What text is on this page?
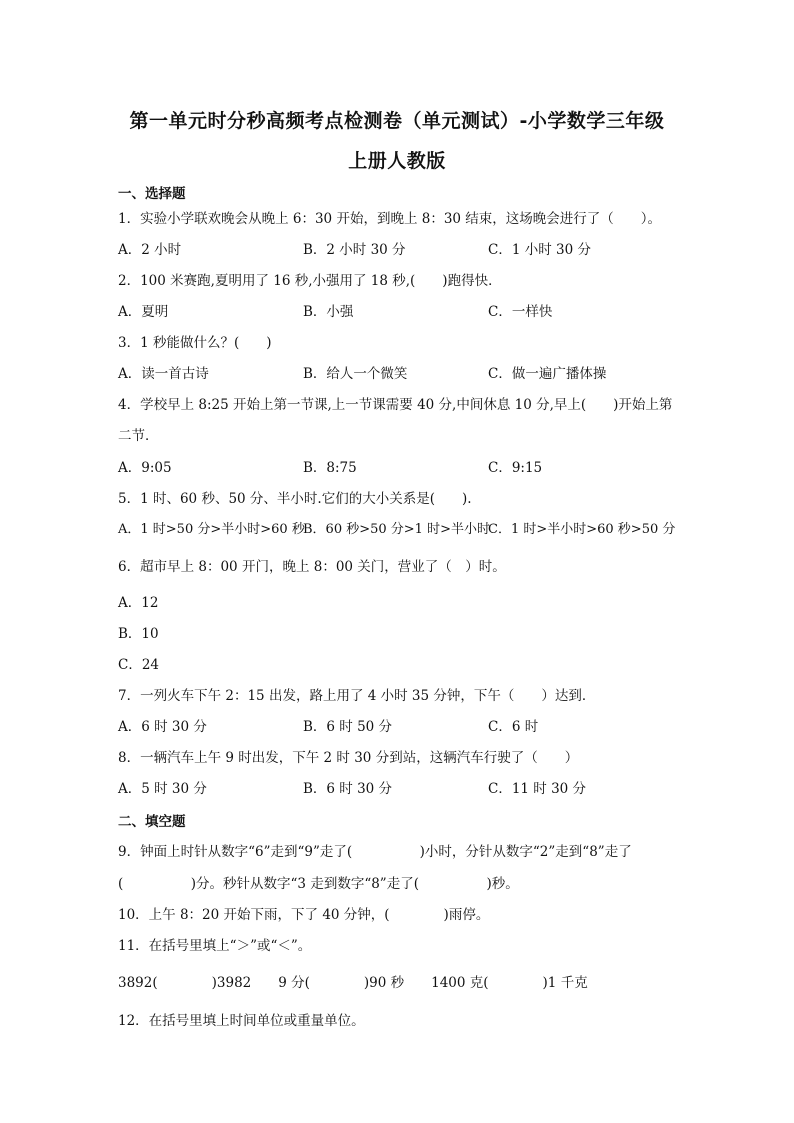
第一单元时分秒高频考点检测卷（单元测试）-小学数学三年级
上册人教版
一、选择题
1．实验小学联欢晚会从晚上 6：30 开始，到晚上 8：30 结束，这场晚会进行了（　　）。
A．2 小时	B．2 小时 30 分	C．1 小时 30 分
2．100 米赛跑,夏明用了 16 秒,小强用了 18 秒,(　　)跑得快．
A．夏明	B．小强	C．一样快
3．1 秒能做什么？(　　)
A．读一首古诗	B．给人一个微笑	C．做一遍广播体操
4．学校早上 8:25 开始上第一节课,上一节课需要 40 分,中间休息 10 分,早上(　　)开始上第
二节．
A．9:05	B．8:75	C．9:15
5．1 时、60 秒、50 分、半小时.它们的大小关系是(　　).
A．1 时>50 分>半小时>60 秒
B．60 秒>50 分>1 时>半小时
C．1 时>半小时>60 秒>50 分
6．超市早上 8：00 开门，晚上 8：00 关门，营业了（　）时。
A．12
B．10
C．24
7．一列火车下午 2：15 出发，路上用了 4 小时 35 分钟，下午（　　）达到．
A．6 时 30 分	B．6 时 50 分	C．6 时
8．一辆汽车上午 9 时出发，下午 2 时 30 分到站，这辆汽车行驶了（　　）
A．5 时 30 分	B．6 时 30 分	C．11 时 30 分
二、填空题
9．钟面上时针从数字“6”走到“9”走了(　　　　　)小时，分针从数字“2”走到“8”走了
(　　　　　)分。秒针从数字“3 走到数字“8”走了(　　　　　)秒。
10．上午 8：20 开始下雨，下了 40 分钟，(　　　　)雨停。
11．在括号里填上“＞”或“＜”。
3892(　　　　)3982　　9 分(　　　　)90 秒　　1400 克(　　　　)1 千克
12．在括号里填上时间单位或重量单位。
